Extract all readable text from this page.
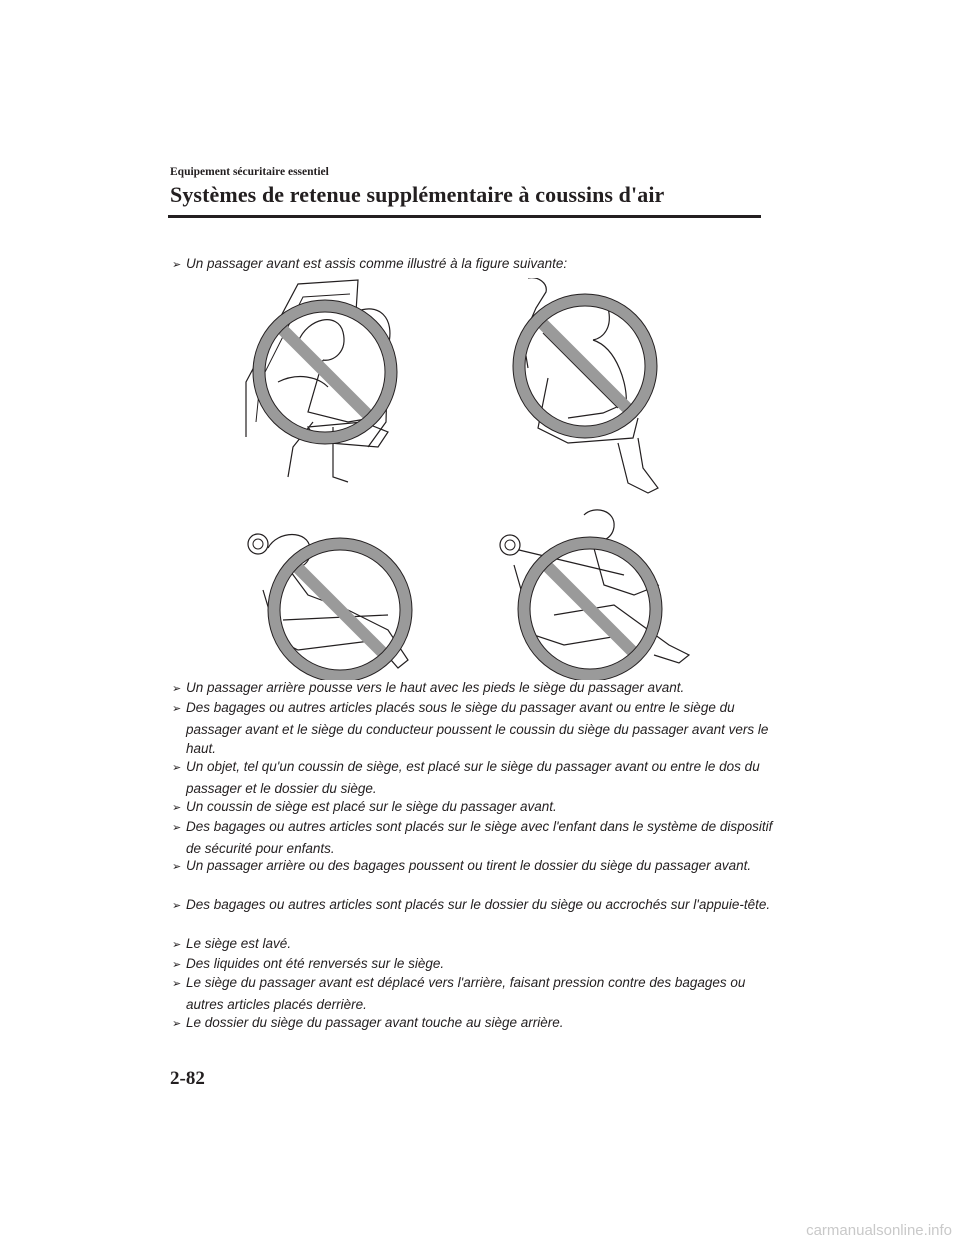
Equipement sécuritaire essentiel
Systèmes de retenue supplémentaire à coussins d'air
➢ Un passager avant est assis comme illustré à la figure suivante:
➢ Un passager arrière pousse vers le haut avec les pieds le siège du passager avant.
➢ Des bagages ou autres articles placés sous le siège du passager avant ou entre le siège du passager avant et le siège du conducteur poussent le coussin du siège du passager avant vers le haut.
➢ Un objet, tel qu'un coussin de siège, est placé sur le siège du passager avant ou entre le dos du passager et le dossier du siège.
➢ Un coussin de siège est placé sur le siège du passager avant.
➢ Des bagages ou autres articles sont placés sur le siège avec l'enfant dans le système de dispositif de sécurité pour enfants.
➢ Un passager arrière ou des bagages poussent ou tirent le dossier du siège du passager avant.
➢ Des bagages ou autres articles sont placés sur le dossier du siège ou accrochés sur l'appuie-tête.
➢ Le siège est lavé.
➢ Des liquides ont été renversés sur le siège.
➢ Le siège du passager avant est déplacé vers l'arrière, faisant pression contre des bagages ou autres articles placés derrière.
➢ Le dossier du siège du passager avant touche au siège arrière.
2-82
carmanualsonline.info
